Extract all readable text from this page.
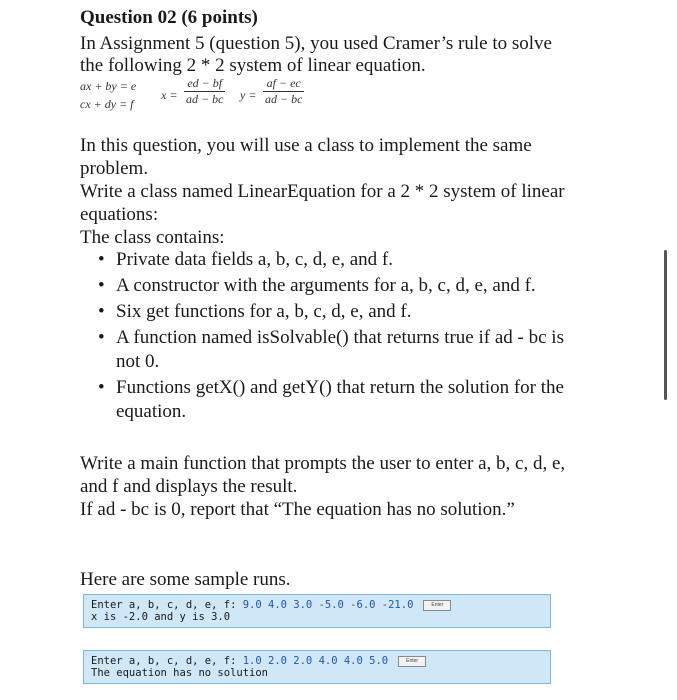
Question 02 (6 points)

In Assignment 5 (question 5), you used Cramer’s rule to solve

the following 2 * 2 system of linear equation.

ax + by = e
cx + dy = f
$x = \frac{ed - bf}{ad - bc}$ $y = \frac{af - ec}{ad - bc}$

In this question, you will use a class to implement the same

problem.

Write a class named LinearEquation for a 2 * 2 system of linear

equations:

The class contains:

• Private data fields a, b, c, d, e, and f.
• A constructor with the arguments for a, b, c, d, e, and f.
• Six get functions for a, b, c, d, e, and f.
• A function named isSolvable() that returns true if ad - bc is not 0.
• Functions getX() and getY() that return the solution for the equation.

Write a main function that prompts the user to enter a, b, c, d, e,

and f and displays the result.

If ad - bc is 0, report that “The equation has no solution.”

Here are some sample runs.

Enter a, b, c, d, e, f: 9.0 4.0 3.0 -5.0 -6.0 -21.0	Enter
x is -2.0 and y is 3.0
Enter a, b, c, d, e, f: 1.0 2.0 2.0 4.0 4.0 5.0	Enter
The equation has no solution
